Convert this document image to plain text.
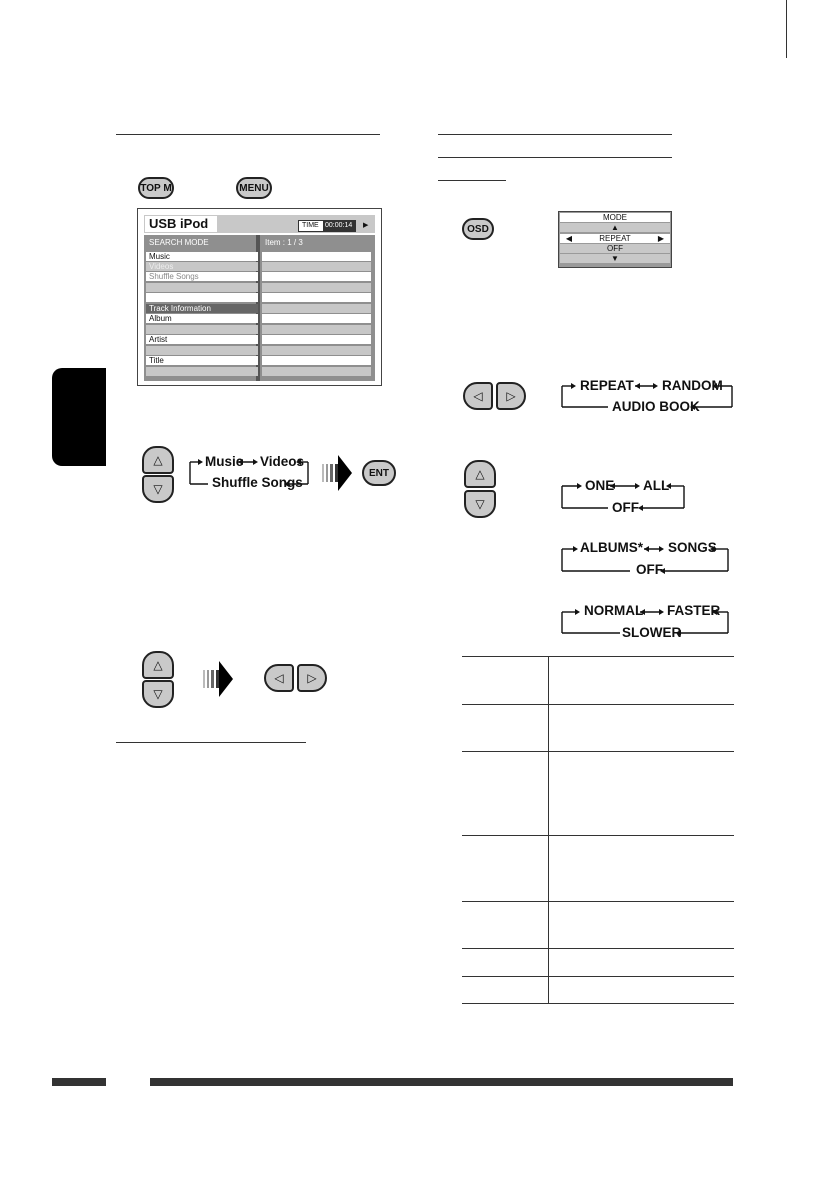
TOP M	MENU
USB iPod	TIME 00:00:14 ▶
SEARCH MODE	Item : 1 / 3
Music
Videos
Shuffle Songs
Track Information
Album
Artist
Title
△
▽
Music Videos
Shuffle Songs
ENT
△
▽
◁ ▷
OSD
MODE
▲
REPEAT
◀	▶
OFF
▼
◁ ▷
REPEAT RANDOM
AUDIO BOOK
△
▽
ONE ALL
OFF
ALBUMS* SONGS
OFF
NORMAL FASTER
SLOWER
